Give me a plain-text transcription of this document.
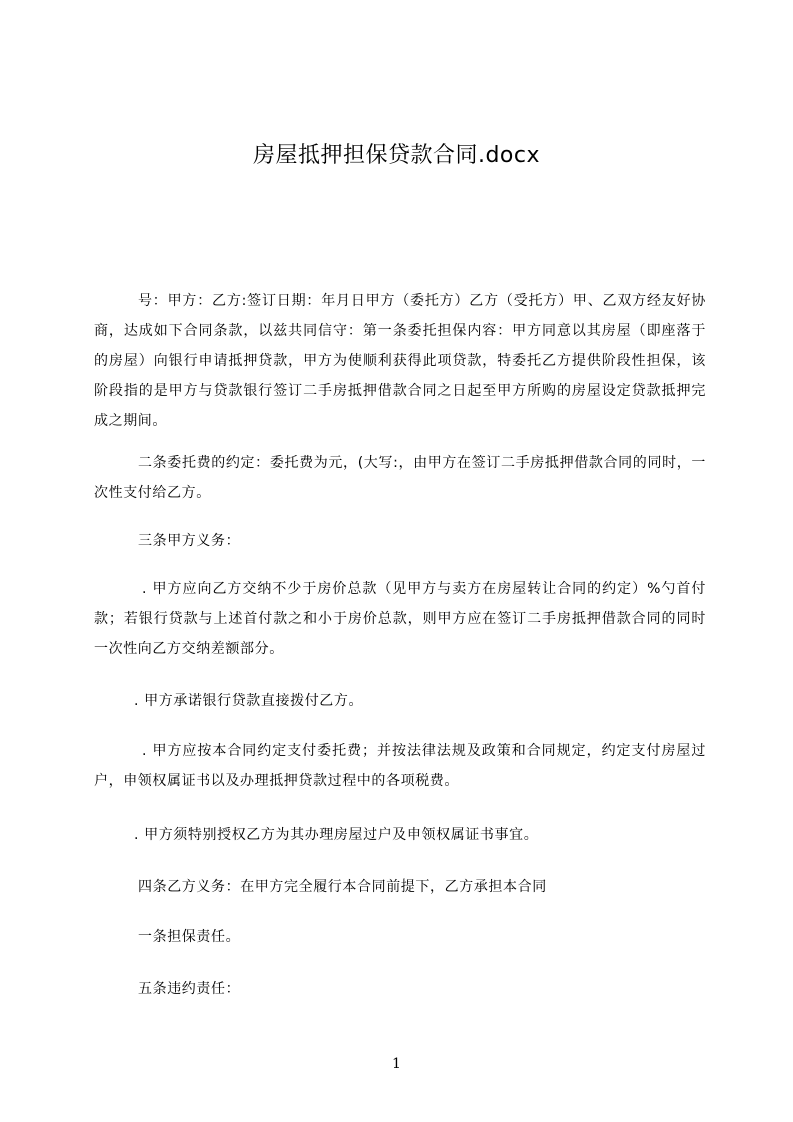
房屋抵押担保贷款合同.docx

号：甲方：乙方:签订日期：年月日甲方（委托方）乙方（受托方）甲、乙双方经友好协商，达成如下合同条款，以兹共同信守：第一条委托担保内容：甲方同意以其房屋（即座落于的房屋）向银行申请抵押贷款，甲方为使顺利获得此项贷款，特委托乙方提供阶段性担保，该阶段指的是甲方与贷款银行签订二手房抵押借款合同之日起至甲方所购的房屋设定贷款抵押完成之期间。

二条委托费的约定：委托费为元，(大写:，由甲方在签订二手房抵押借款合同的同时，一次性支付给乙方。

三条甲方义务：

. 甲方应向乙方交纳不少于房价总款（见甲方与卖方在房屋转让合同的约定）%勺首付款；若银行贷款与上述首付款之和小于房价总款，则甲方应在签订二手房抵押借款合同的同时一次性向乙方交纳差额部分。

. 甲方承诺银行贷款直接拨付乙方。

. 甲方应按本合同约定支付委托费；并按法律法规及政策和合同规定，约定支付房屋过户，申领权属证书以及办理抵押贷款过程中的各项税费。

. 甲方须特别授权乙方为其办理房屋过户及申领权属证书事宜。

四条乙方义务：在甲方完全履行本合同前提下，乙方承担本合同

一条担保责任。

五条违约责任：

1
